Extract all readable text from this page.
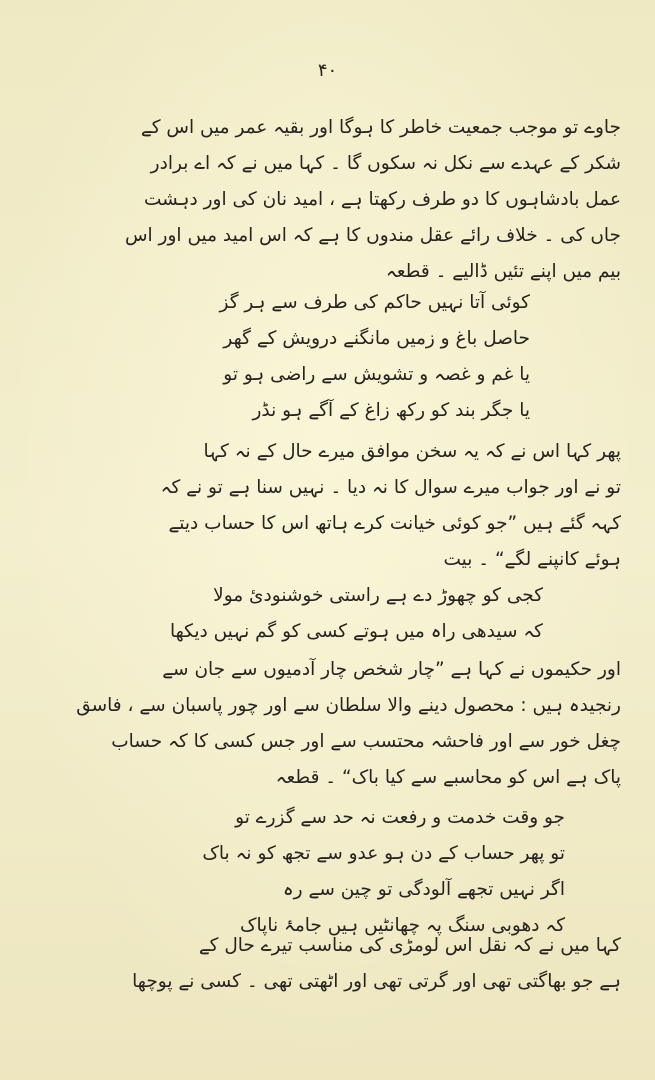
۴۰
جاوے تو موجب جمعیت خاطر کا ہوگا اور بقیہ عمر میں اس کے
شکر کے عہدے سے نکل نہ سکوں گا ۔ کہا میں نے کہ اے برادر
عمل بادشاہوں کا دو طرف رکھتا ہے ، امید نان کی اور دہشت
جاں کی ۔ خلاف رائے عقل مندوں کا ہے کہ اس امید میں اور اس
بیم میں اپنے تئیں ڈالیے ۔ قطعہ
کوئی آتا نہیں حاکم کی طرف سے ہر گز
حاصل باغ و زمیں مانگنے درویش کے گھر
یا غم و غصہ و تشویش سے راضی ہو تو
یا جگر بند کو رکھ زاغ کے آگے ہو نڈر
پھر کہا اس نے کہ یہ سخن موافق میرے حال کے نہ کہا
تو نے اور جواب میرے سوال کا نہ دیا ۔ نہیں سنا ہے تو نے کہ
کہہ گئے ہیں ”جو کوئی خیانت کرے ہاتھ اس کا حساب دیتے
ہوئے کانپنے لگے“ ۔ بیت
کجی کو چھوڑ دے ہے راستی خوشنودیٔ مولا
کہ سیدھی راہ میں ہوتے کسی کو گم نہیں دیکھا
اور حکیموں نے کہا ہے ”چار شخص چار آدمیوں سے جان سے
رنجیدہ ہیں : محصول دینے والا سلطان سے اور چور پاسبان سے ، فاسق
چغل خور سے اور فاحشہ محتسب سے اور جس کسی کا کہ حساب
پاک ہے اس کو محاسبے سے کیا باک“ ۔ قطعہ
جو وقت خدمت و رفعت نہ حد سے گزرے تو
تو پھر حساب کے دن ہو عدو سے تجھ کو نہ باک
اگر نہیں تجھے آلودگی تو چین سے رہ
کہ دھوبی سنگ پہ چھانٹیں ہیں جامۂ ناپاک
کہا میں نے کہ نقل اس لومڑی کی مناسب تیرے حال کے
ہے جو بھاگتی تھی اور گرتی تھی اور اٹھتی تھی ۔ کسی نے پوچھا
